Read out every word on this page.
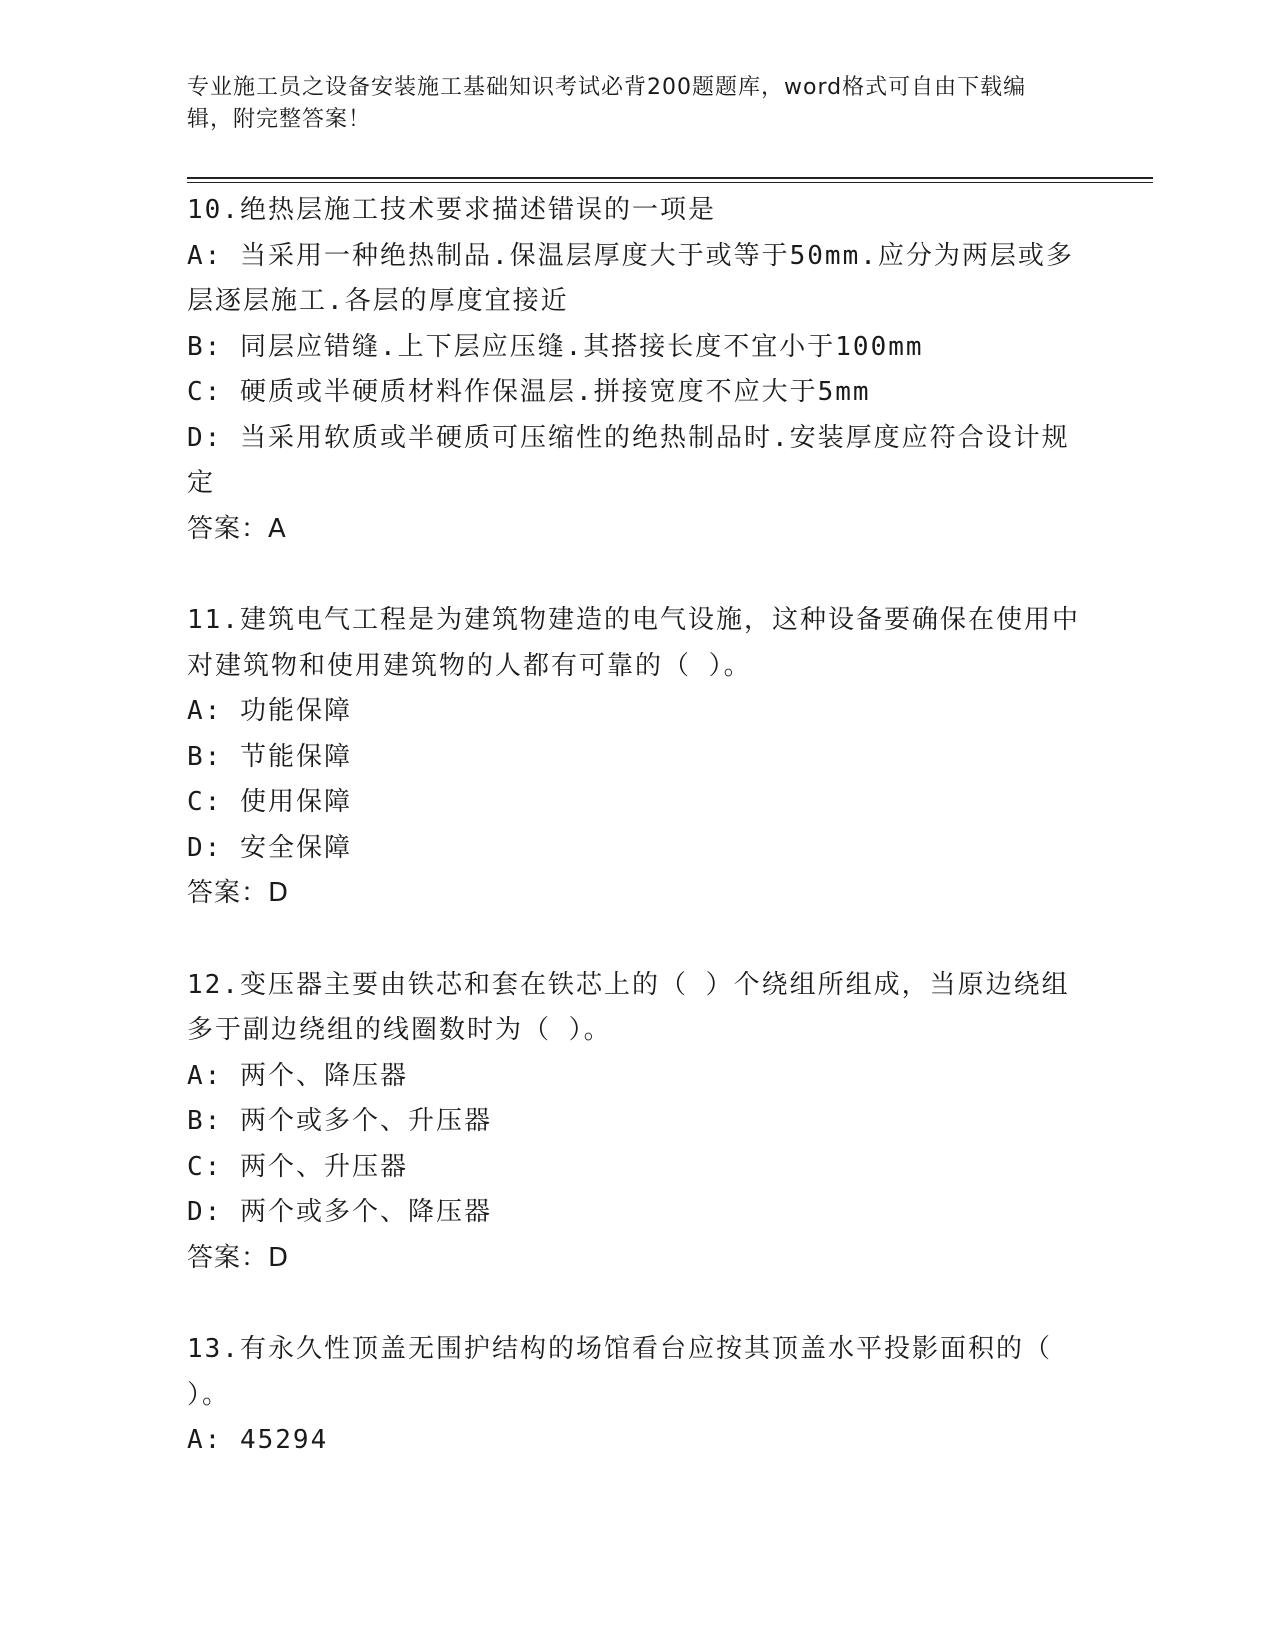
专业施工员之设备安装施工基础知识考试必背200题题库，word格式可自由下载编辑，附完整答案！

10.绝热层施工技术要求描述错误的一项是

A: 当采用一种绝热制品.保温层厚度大于或等于50mm.应分为两层或多层逐层施工.各层的厚度宜接近

B: 同层应错缝.上下层应压缝.其搭接长度不宜小于100mm

C: 硬质或半硬质材料作保温层.拼接宽度不应大于5mm

D: 当采用软质或半硬质可压缩性的绝热制品时.安装厚度应符合设计规定

答案：A

11.建筑电气工程是为建筑物建造的电气设施，这种设备要确保在使用中对建筑物和使用建筑物的人都有可靠的（ ）。

A: 功能保障

B: 节能保障

C: 使用保障

D: 安全保障

答案：D

12.变压器主要由铁芯和套在铁芯上的（ ）个绕组所组成，当原边绕组多于副边绕组的线圈数时为（ ）。

A: 两个、降压器

B: 两个或多个、升压器

C: 两个、升压器

D: 两个或多个、降压器

答案：D

13.有永久性顶盖无围护结构的场馆看台应按其顶盖水平投影面积的（ ）。

A: 45294
